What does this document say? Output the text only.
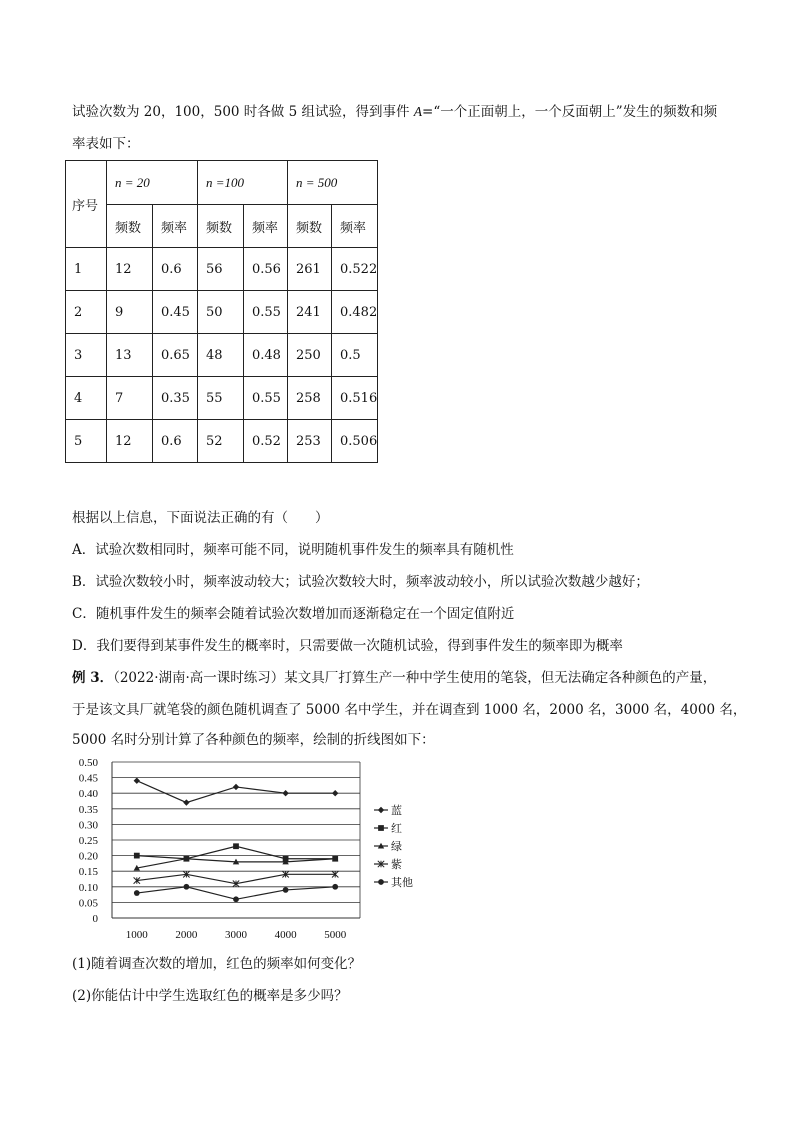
试验次数为 20，100，500 时各做 5 组试验，得到事件 A=“一个正面朝上，一个反面朝上”发生的频数和频
率表如下：
序号	n = 20		n =100		n = 500	
	频数	频率	频数	频率	频数	频率
1	12	0.6	56	0.56	261	0.522
2	9	0.45	50	0.55	241	0.482
3	13	0.65	48	0.48	250	0.5
4	7	0.35	55	0.55	258	0.516
5	12	0.6	52	0.52	253	0.506
根据以上信息，下面说法正确的有（　　）
A．试验次数相同时，频率可能不同，说明随机事件发生的频率具有随机性
B．试验次数较小时，频率波动较大；试验次数较大时，频率波动较小，所以试验次数越少越好；
C．随机事件发生的频率会随着试验次数增加而逐渐稳定在一个固定值附近
D．我们要得到某事件发生的概率时，只需要做一次随机试验，得到事件发生的频率即为概率
例 3．（2022·湖南·高一课时练习）某文具厂打算生产一种中学生使用的笔袋，但无法确定各种颜色的产量，
于是该文具厂就笔袋的颜色随机调查了 5000 名中学生，并在调查到 1000 名，2000 名，3000 名，4000 名，
5000 名时分别计算了各种颜色的频率，绘制的折线图如下：
0
0.05
0.10
0.15
0.20
0.25
0.30
0.35
0.40
0.45
0.50
1000	2000	3000	4000	5000
蓝
红
绿
紫
其他
(1)随着调查次数的增加，红色的频率如何变化？
(2)你能估计中学生选取红色的概率是多少吗？
